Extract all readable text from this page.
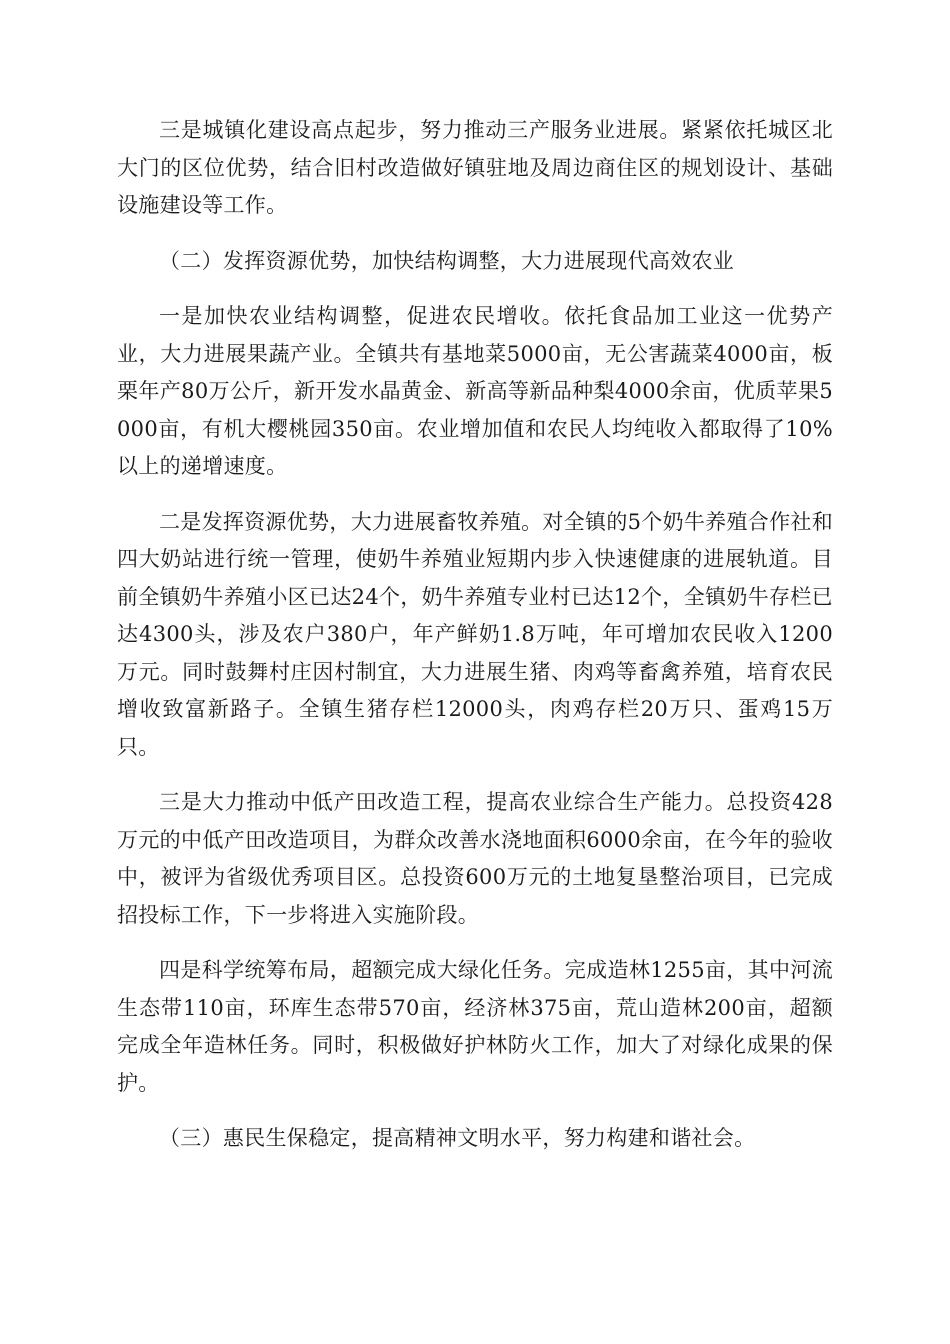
三是城镇化建设高点起步，努力推动三产服务业进展。紧紧依托城区北大门的区位优势，结合旧村改造做好镇驻地及周边商住区的规划设计、基础设施建设等工作。

（二）发挥资源优势，加快结构调整，大力进展现代高效农业

一是加快农业结构调整，促进农民增收。依托食品加工业这一优势产业，大力进展果蔬产业。全镇共有基地菜5000亩，无公害蔬菜4000亩，板栗年产80万公斤，新开发水晶黄金、新高等新品种梨4000余亩，优质苹果5000亩，有机大樱桃园350亩。农业增加值和农民人均纯收入都取得了10%以上的递增速度。

二是发挥资源优势，大力进展畜牧养殖。对全镇的5个奶牛养殖合作社和四大奶站进行统一管理，使奶牛养殖业短期内步入快速健康的进展轨道。目前全镇奶牛养殖小区已达24个，奶牛养殖专业村已达12个，全镇奶牛存栏已达4300头，涉及农户380户，年产鲜奶1.8万吨，年可增加农民收入1200万元。同时鼓舞村庄因村制宜，大力进展生猪、肉鸡等畜禽养殖，培育农民增收致富新路子。全镇生猪存栏12000头，肉鸡存栏20万只、蛋鸡15万只。

三是大力推动中低产田改造工程，提高农业综合生产能力。总投资428万元的中低产田改造项目，为群众改善水浇地面积6000余亩，在今年的验收中，被评为省级优秀项目区。总投资600万元的土地复垦整治项目，已完成招投标工作，下一步将进入实施阶段。

四是科学统筹布局，超额完成大绿化任务。完成造林1255亩，其中河流生态带110亩，环库生态带570亩，经济林375亩，荒山造林200亩，超额完成全年造林任务。同时，积极做好护林防火工作，加大了对绿化成果的保护。

（三）惠民生保稳定，提高精神文明水平，努力构建和谐社会。
